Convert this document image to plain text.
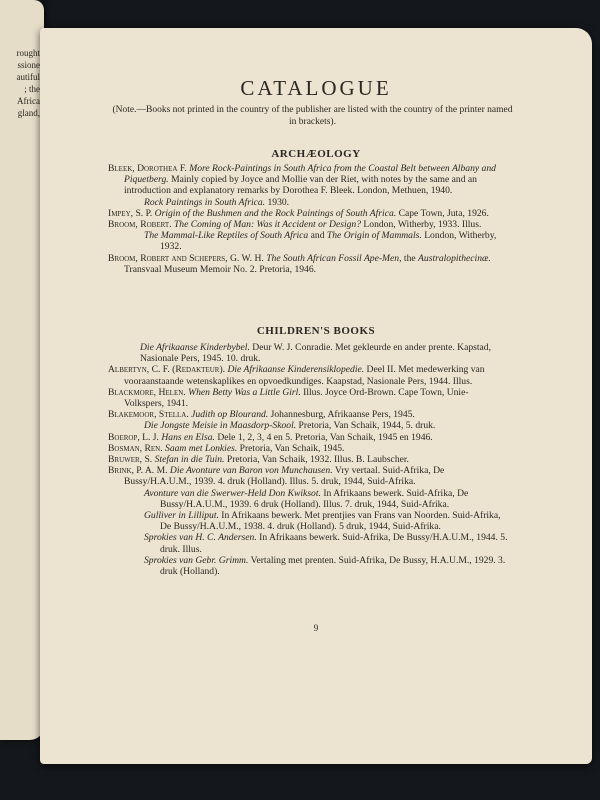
rought
ssione
autiful
; the
Africa
gland,
CATALOGUE
(Note.—Books not printed in the country of the publisher are listed with the country of the printer named in brackets).
ARCHÆOLOGY

Bleek, Dorothea F. More Rock-Paintings in South Africa from the Coastal Belt between Albany and Piquetberg. Mainly copied by Joyce and Mollie van der Riet, with notes by the same and an introduction and explanatory remarks by Dorothea F. Bleek. London, Methuen, 1940.

Rock Paintings in South Africa. 1930.

Impey, S. P. Origin of the Bushmen and the Rock Paintings of South Africa. Cape Town, Juta, 1926.

Broom, Robert. The Coming of Man: Was it Accident or Design? London, Witherby, 1933. Illus.

The Mammal-Like Reptiles of South Africa and The Origin of Mammals. London, Witherby, 1932.

Broom, Robert and Schepers, G. W. H. The South African Fossil Ape-Men, the Australopithecinæ. Transvaal Museum Memoir No. 2. Pretoria, 1946.

CHILDREN'S BOOKS

Die Afrikaanse Kinderbybel. Deur W. J. Conradie. Met gekleurde en ander prente. Kapstad, Nasionale Pers, 1945. 10. druk.

Albertyn, C. F. (Redakteur). Die Afrikaanse Kinderensiklopedie. Deel II. Met medewerking van vooraanstaande wetenskaplikes en opvoedkundiges. Kaapstad, Nasionale Pers, 1944. Illus.

Blackmore, Helen. When Betty Was a Little Girl. Illus. Joyce Ord-Brown. Cape Town, Unie-Volkspers, 1941.

Blakemoor, Stella. Judith op Blourand. Johannesburg, Afrikaanse Pers, 1945.

Die Jongste Meisie in Maasdorp-Skool. Pretoria, Van Schaik, 1944, 5. druk.

Boerop, L. J. Hans en Elsa. Dele 1, 2, 3, 4 en 5. Pretoria, Van Schaik, 1945 en 1946.

Bosman, Ren. Saam met Lonkies. Pretoria, Van Schaik, 1945.

Bruwer, S. Stefan in die Tuin. Pretoria, Van Schaik, 1932. Illus. B. Laubscher.

Brink, P. A. M. Die Avonture van Baron von Munchausen. Vry vertaal. Suid-Afrika, De Bussy/H.A.U.M., 1939. 4. druk (Holland). Illus. 5. druk, 1944, Suid-Afrika.

Avonture van die Swerwer-Held Don Kwiksot. In Afrikaans bewerk. Suid-Afrika, De Bussy/H.A.U.M., 1939. 6 druk (Holland). Illus. 7. druk, 1944, Suid-Afrika.

Gulliver in Lilliput. In Afrikaans bewerk. Met prentjies van Frans van Noorden. Suid-Afrika, De Bussy/H.A.U.M., 1938. 4. druk (Holland). 5 druk, 1944, Suid-Afrika.

Sprokies van H. C. Andersen. In Afrikaans bewerk. Suid-Afrika, De Bussy/H.A.U.M., 1944. 5. druk. Illus.

Sprokies van Gebr. Grimm. Vertaling met prenten. Suid-Afrika, De Bussy, H.A.U.M., 1929. 3. druk (Holland).

9
